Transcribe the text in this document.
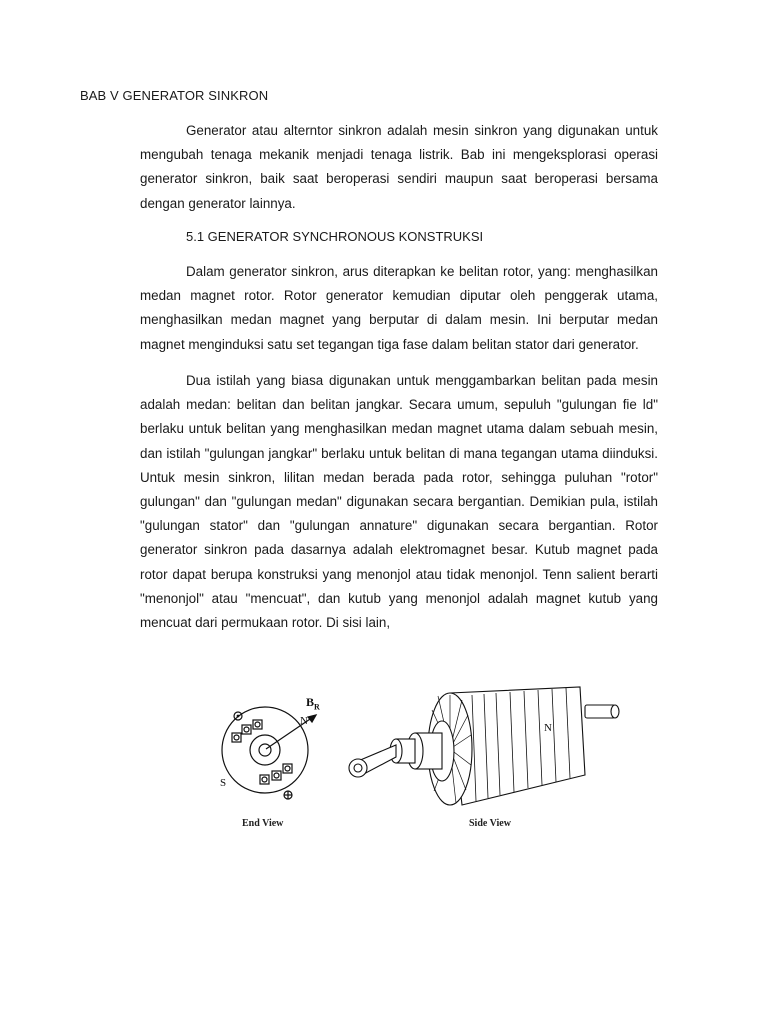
BAB V GENERATOR SINKRON

Generator atau alterntor sinkron adalah mesin sinkron yang digunakan untuk mengubah tenaga mekanik menjadi tenaga listrik. Bab ini mengeksplorasi operasi generator sinkron, baik saat beroperasi sendiri maupun saat beroperasi bersama dengan generator lainnya.

5.1 GENERATOR SYNCHRONOUS KONSTRUKSI

Dalam generator sinkron, arus diterapkan ke belitan rotor, yang: menghasilkan medan magnet rotor. Rotor generator kemudian diputar oleh penggerak utama, menghasilkan medan magnet yang berputar di dalam mesin. Ini berputar medan magnet menginduksi satu set tegangan tiga fase dalam belitan stator dari generator.

Dua istilah yang biasa digunakan untuk menggambarkan belitan pada mesin adalah medan: belitan dan belitan jangkar. Secara umum, sepuluh "gulungan fie ld" berlaku untuk belitan yang menghasilkan medan magnet utama dalam sebuah mesin, dan istilah "gulungan jangkar" berlaku untuk belitan di mana tegangan utama diinduksi. Untuk mesin sinkron, lilitan medan berada pada rotor, sehingga puluhan "rotor" gulungan" dan "gulungan medan" digunakan secara bergantian. Demikian pula, istilah "gulungan stator" dan "gulungan annature" digunakan secara bergantian. Rotor generator sinkron pada dasarnya adalah elektromagnet besar. Kutub magnet pada rotor dapat berupa konstruksi yang menonjol atau tidak menonjol. Tenn salient berarti "menonjol" atau "mencuat", dan kutub yang menonjol adalah magnet kutub yang mencuat dari permukaan rotor. Di sisi lain,

$B_R$
N
S
N
End View	Side View
